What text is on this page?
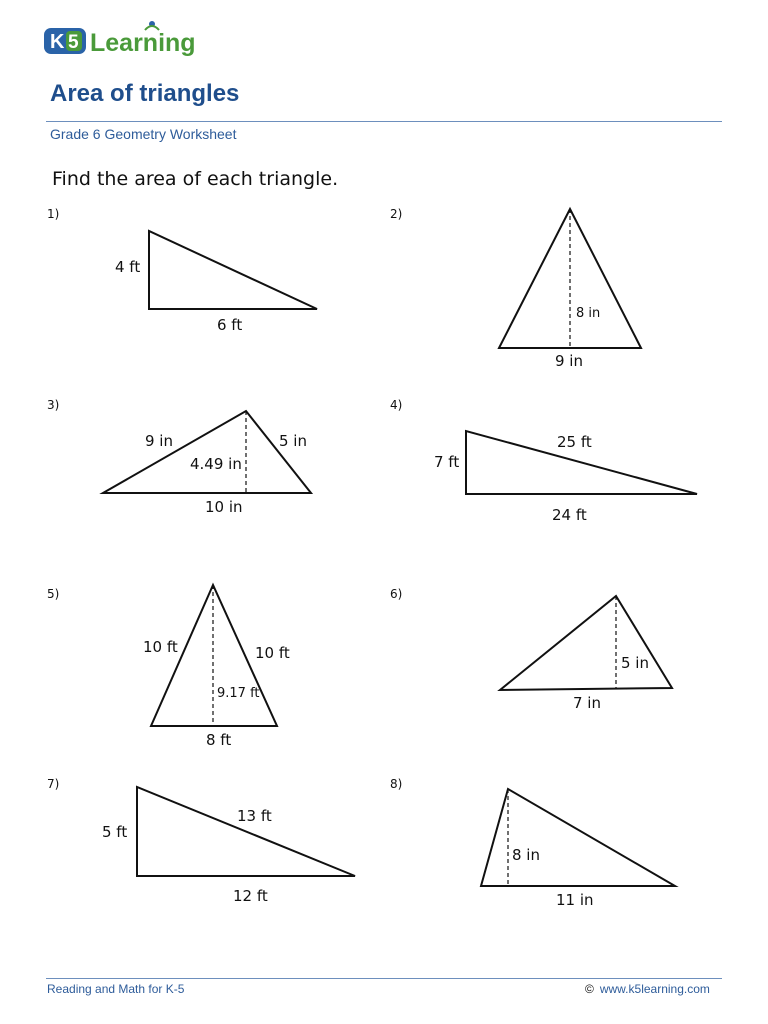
K 5 Learning
Area of triangles
Grade 6 Geometry Worksheet
Find the area of each triangle.
1)	2)
3)	4)
5)	6)
7)	8)
4 ft
6 ft
8 in
9 in
9 in	5 in
4.49 in
10 in
7 ft
25 ft
24 ft
10 ft	10 ft
9.17 ft
8 ft
5 in
7 in
5 ft
13 ft
12 ft
8 in
11 in
Reading and Math for K-5	© www.k5learning.com
